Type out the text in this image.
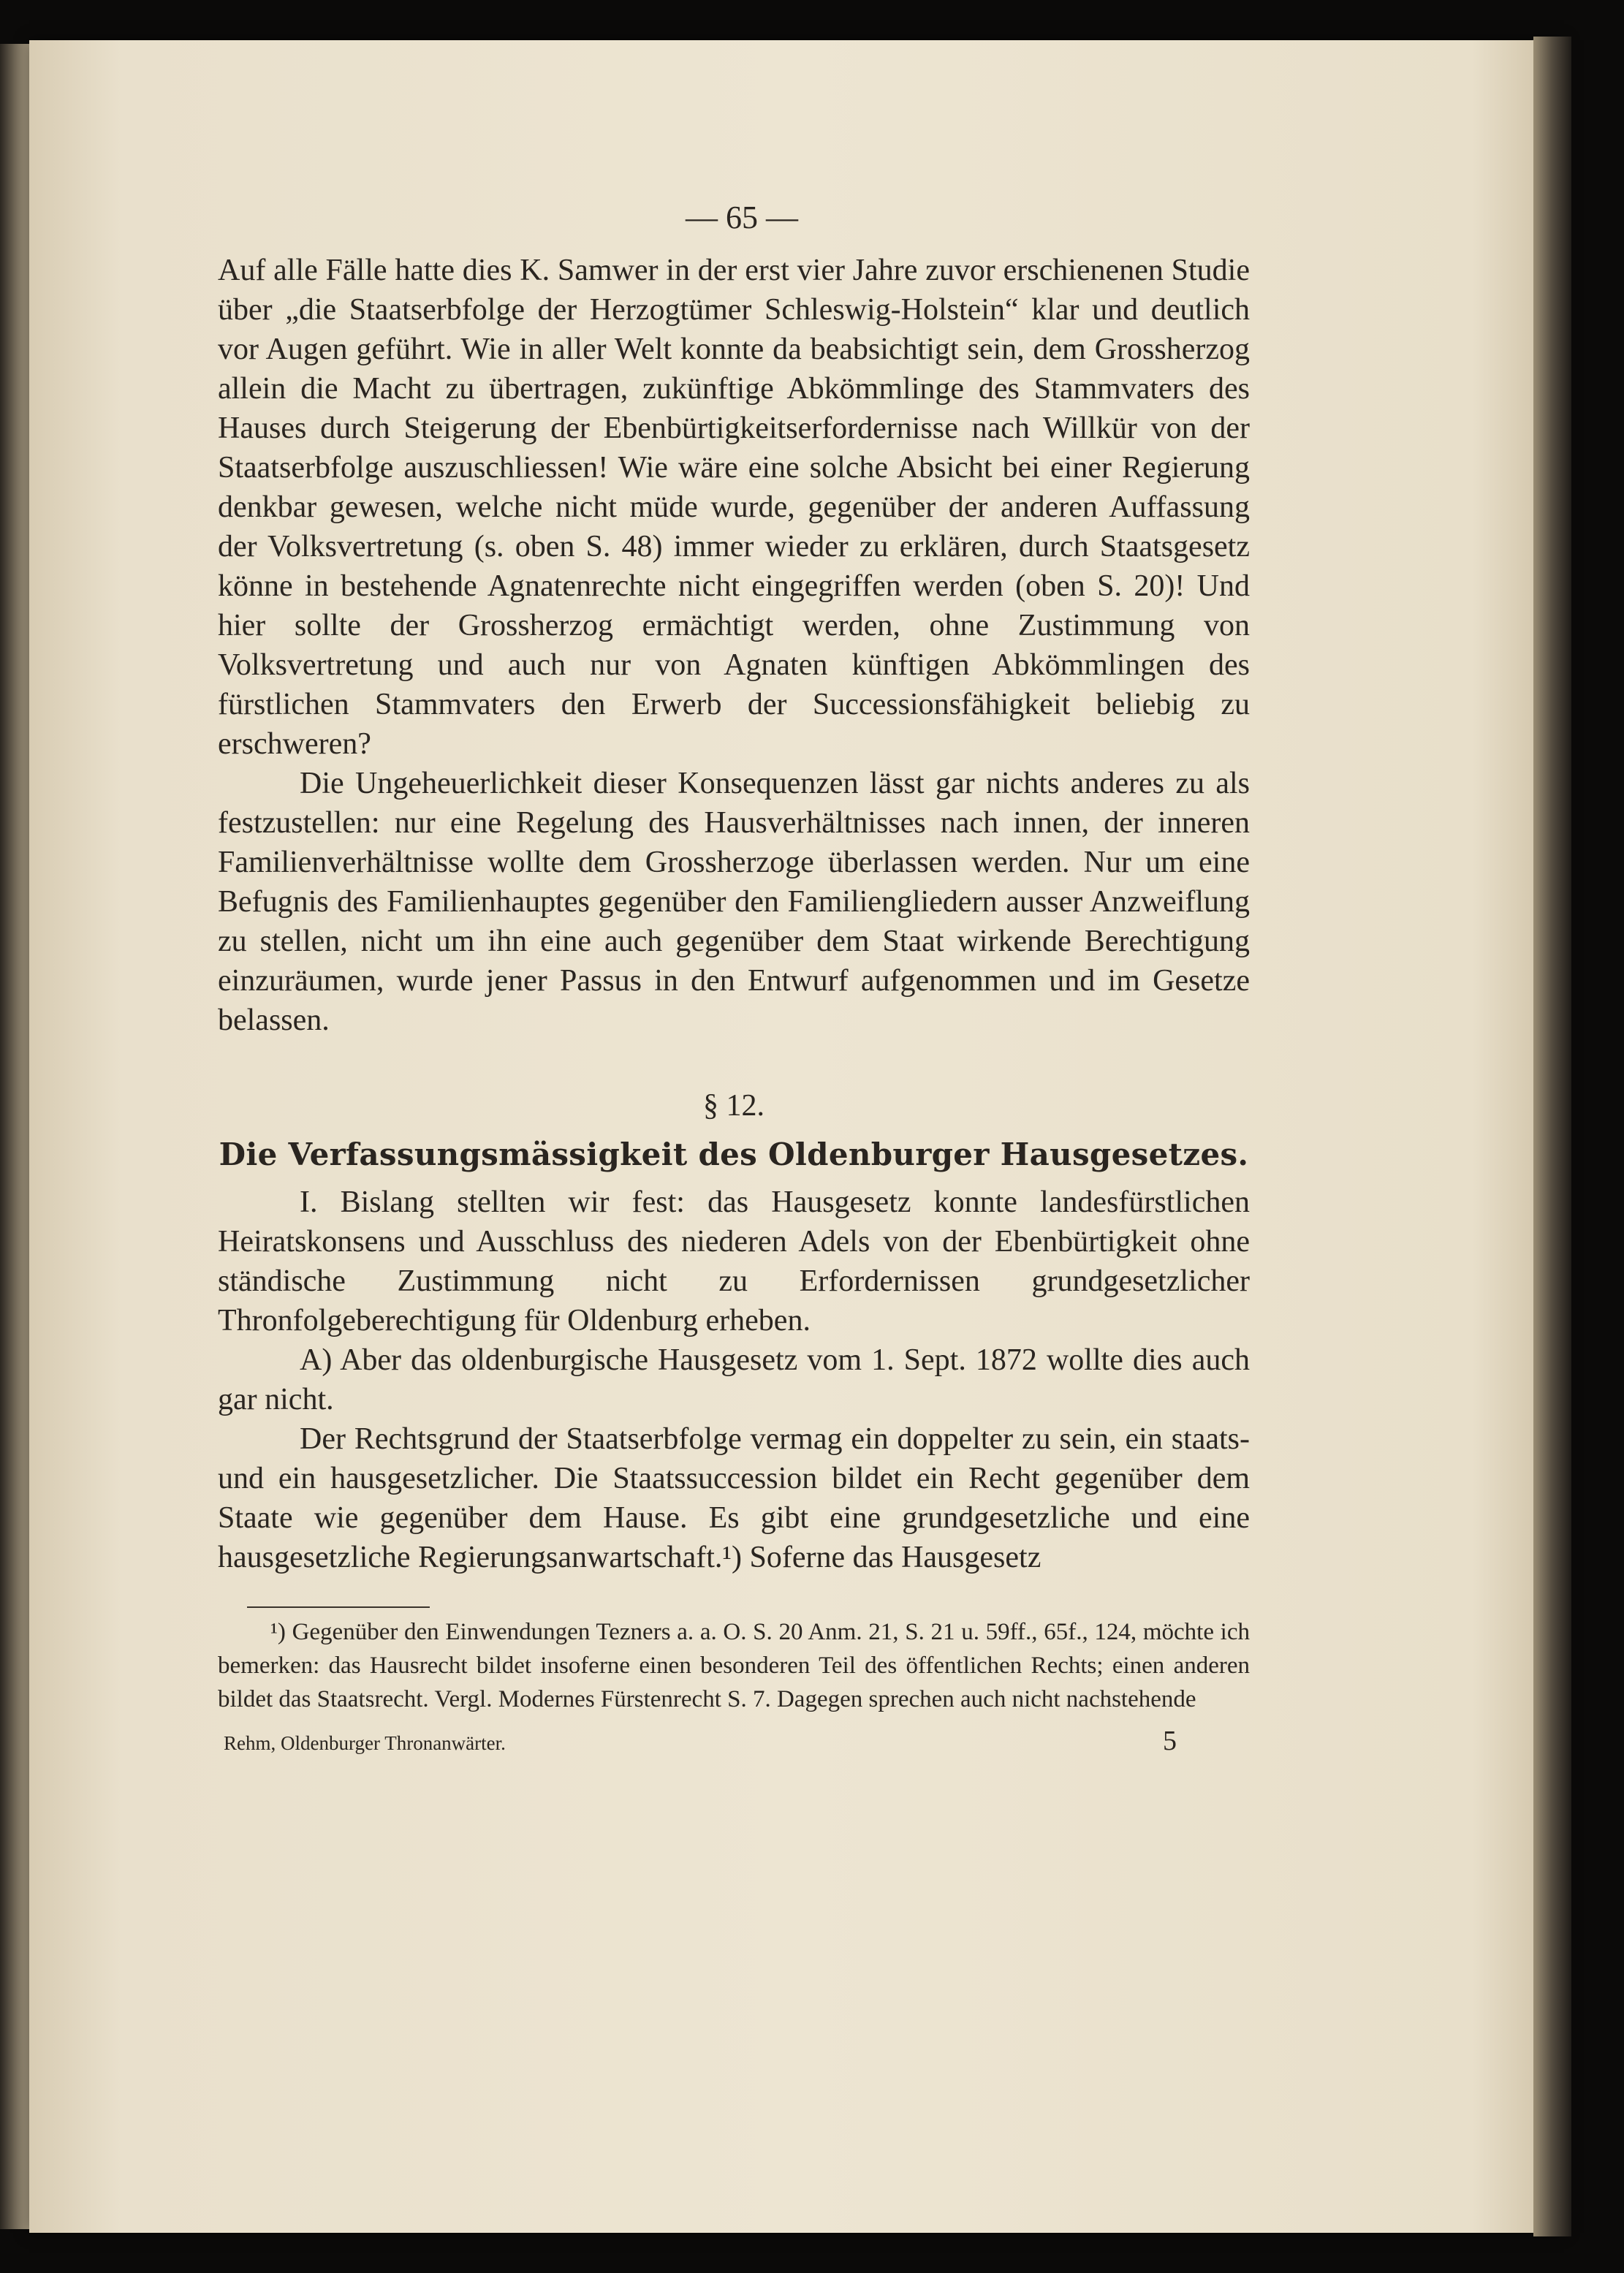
— 65 —

Auf alle Fälle hatte dies K. Samwer in der erst vier Jahre zuvor erschienenen Studie über „die Staatserbfolge der Herzogtümer Schleswig-Holstein“ klar und deutlich vor Augen geführt. Wie in aller Welt konnte da beabsichtigt sein, dem Grossherzog allein die Macht zu übertragen, zukünftige Abkömmlinge des Stammvaters des Hauses durch Steigerung der Ebenbürtigkeitserfordernisse nach Willkür von der Staatserbfolge auszuschliessen! Wie wäre eine solche Absicht bei einer Regierung denkbar gewesen, welche nicht müde wurde, gegenüber der anderen Auffassung der Volksvertretung (s. oben S. 48) immer wieder zu erklären, durch Staatsgesetz könne in bestehende Agnatenrechte nicht eingegriffen werden (oben S. 20)! Und hier sollte der Grossherzog ermächtigt werden, ohne Zustimmung von Volksvertretung und auch nur von Agnaten künftigen Abkömmlingen des fürstlichen Stammvaters den Erwerb der Successionsfähigkeit beliebig zu erschweren?

Die Ungeheuerlichkeit dieser Konsequenzen lässt gar nichts anderes zu als festzustellen: nur eine Regelung des Hausverhältnisses nach innen, der inneren Familienverhältnisse wollte dem Grossherzoge überlassen werden. Nur um eine Befugnis des Familienhauptes gegenüber den Familiengliedern ausser Anzweiflung zu stellen, nicht um ihn eine auch gegenüber dem Staat wirkende Berechtigung einzuräumen, wurde jener Passus in den Entwurf aufgenommen und im Gesetze belassen.

§ 12.
Die Verfassungsmässigkeit des Oldenburger Hausgesetzes.

I. Bislang stellten wir fest: das Hausgesetz konnte landesfürstlichen Heiratskonsens und Ausschluss des niederen Adels von der Ebenbürtigkeit ohne ständische Zustimmung nicht zu Erfordernissen grundgesetzlicher Thronfolgeberechtigung für Oldenburg erheben.

A) Aber das oldenburgische Hausgesetz vom 1. Sept. 1872 wollte dies auch gar nicht.

Der Rechtsgrund der Staatserbfolge vermag ein doppelter zu sein, ein staats- und ein hausgesetzlicher. Die Staatssuccession bildet ein Recht gegenüber dem Staate wie gegenüber dem Hause. Es gibt eine grundgesetzliche und eine hausgesetzliche Regierungsanwartschaft.¹) Soferne das Hausgesetz

¹) Gegenüber den Einwendungen Tezners a. a. O. S. 20 Anm. 21, S. 21 u. 59ff., 65f., 124, möchte ich bemerken: das Hausrecht bildet insoferne einen besonderen Teil des öffentlichen Rechts; einen anderen bildet das Staatsrecht. Vergl. Modernes Fürstenrecht S. 7. Dagegen sprechen auch nicht nachstehende

Rehm, Oldenburger Thronanwärter.	5
